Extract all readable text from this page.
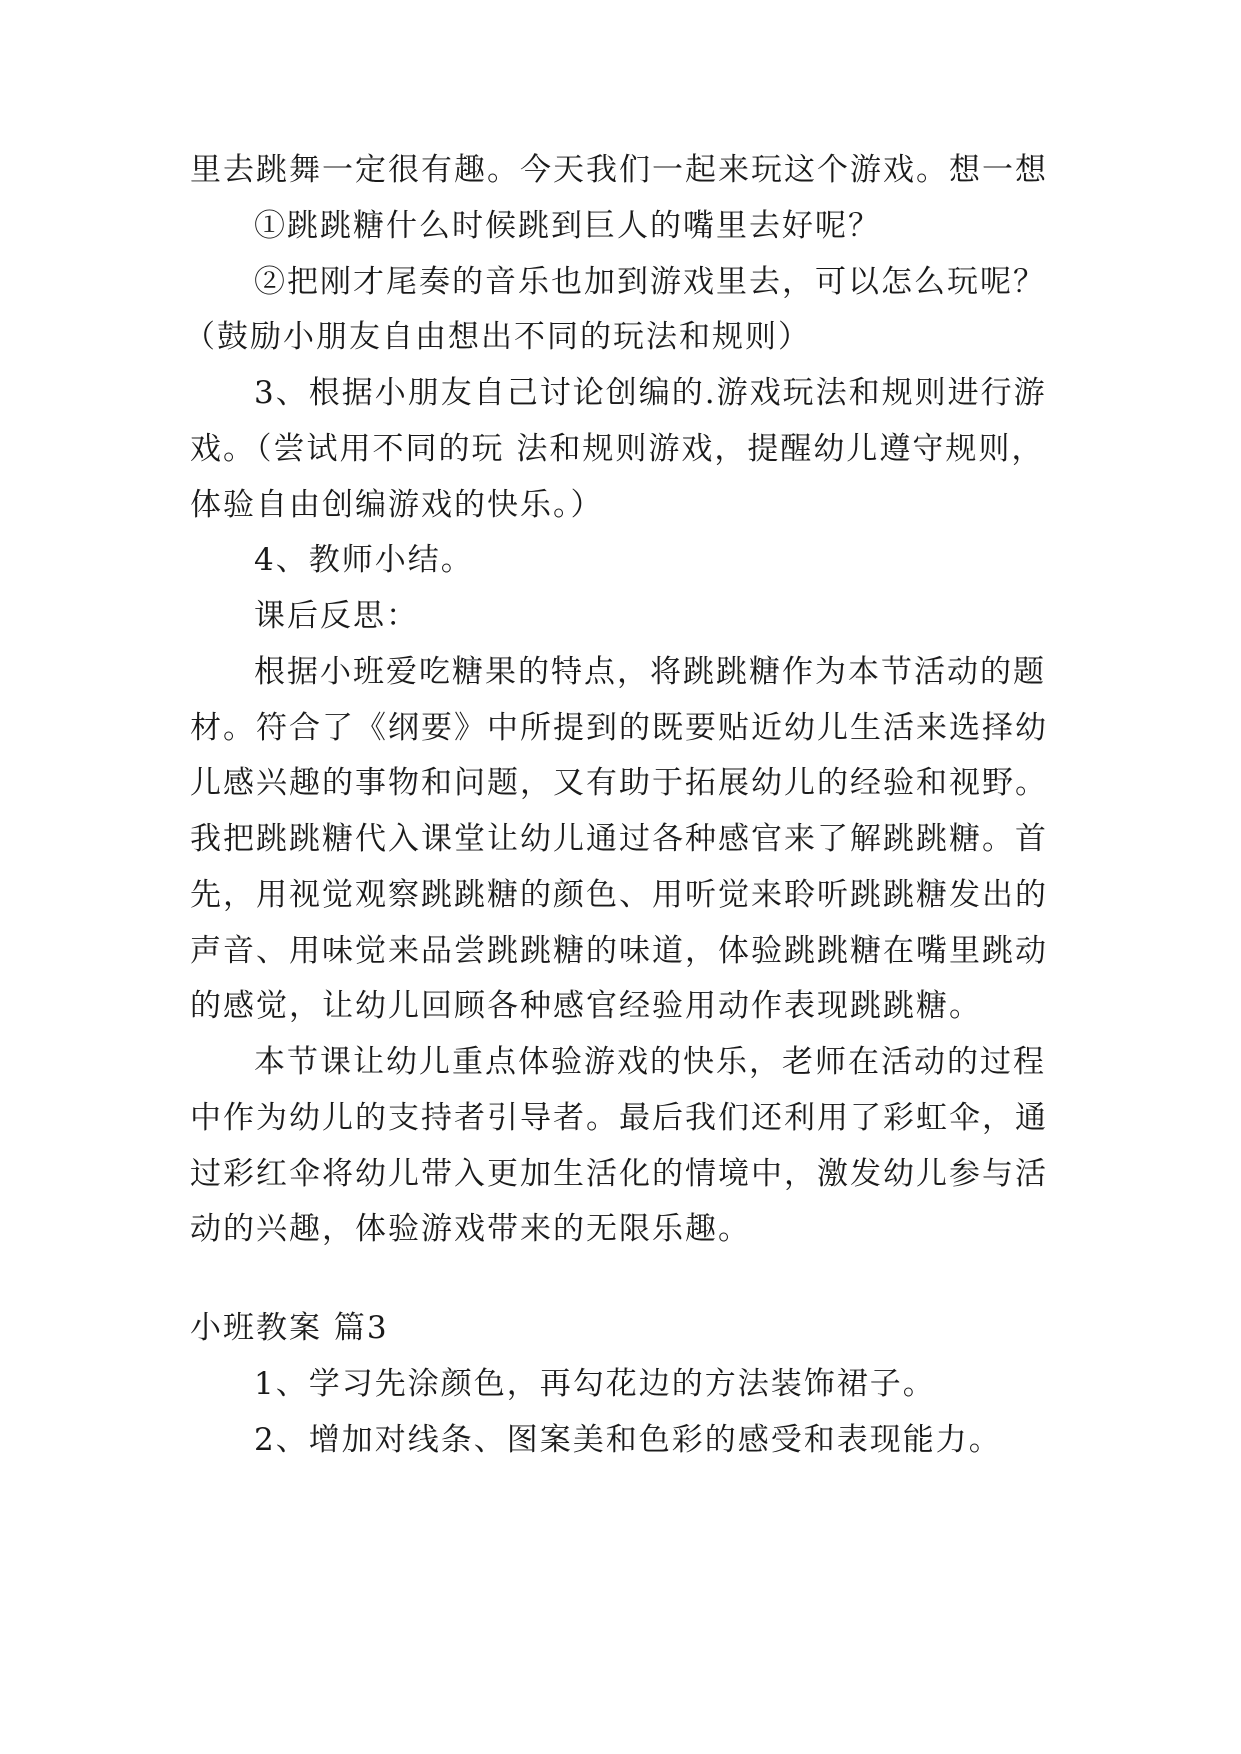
里去跳舞一定很有趣。今天我们一起来玩这个游戏。想一想
①跳跳糖什么时候跳到巨人的嘴里去好呢？
②把刚才尾奏的音乐也加到游戏里去，可以怎么玩呢？
（鼓励小朋友自由想出不同的玩法和规则）
3、根据小朋友自己讨论创编的.游戏玩法和规则进行游
戏。（尝试用不同的玩 法和规则游戏，提醒幼儿遵守规则，
体验自由创编游戏的快乐。）
4、教师小结。
课后反思：
根据小班爱吃糖果的特点，将跳跳糖作为本节活动的题
材。符合了《纲要》中所提到的既要贴近幼儿生活来选择幼
儿感兴趣的事物和问题，又有助于拓展幼儿的经验和视野。
我把跳跳糖代入课堂让幼儿通过各种感官来了解跳跳糖。首
先，用视觉观察跳跳糖的颜色、用听觉来聆听跳跳糖发出的
声音、用味觉来品尝跳跳糖的味道，体验跳跳糖在嘴里跳动
的感觉，让幼儿回顾各种感官经验用动作表现跳跳糖。
本节课让幼儿重点体验游戏的快乐，老师在活动的过程
中作为幼儿的支持者引导者。最后我们还利用了彩虹伞，通
过彩红伞将幼儿带入更加生活化的情境中，激发幼儿参与活
动的兴趣，体验游戏带来的无限乐趣。
小班教案 篇3
1、学习先涂颜色，再勾花边的方法装饰裙子。
2、增加对线条、图案美和色彩的感受和表现能力。
